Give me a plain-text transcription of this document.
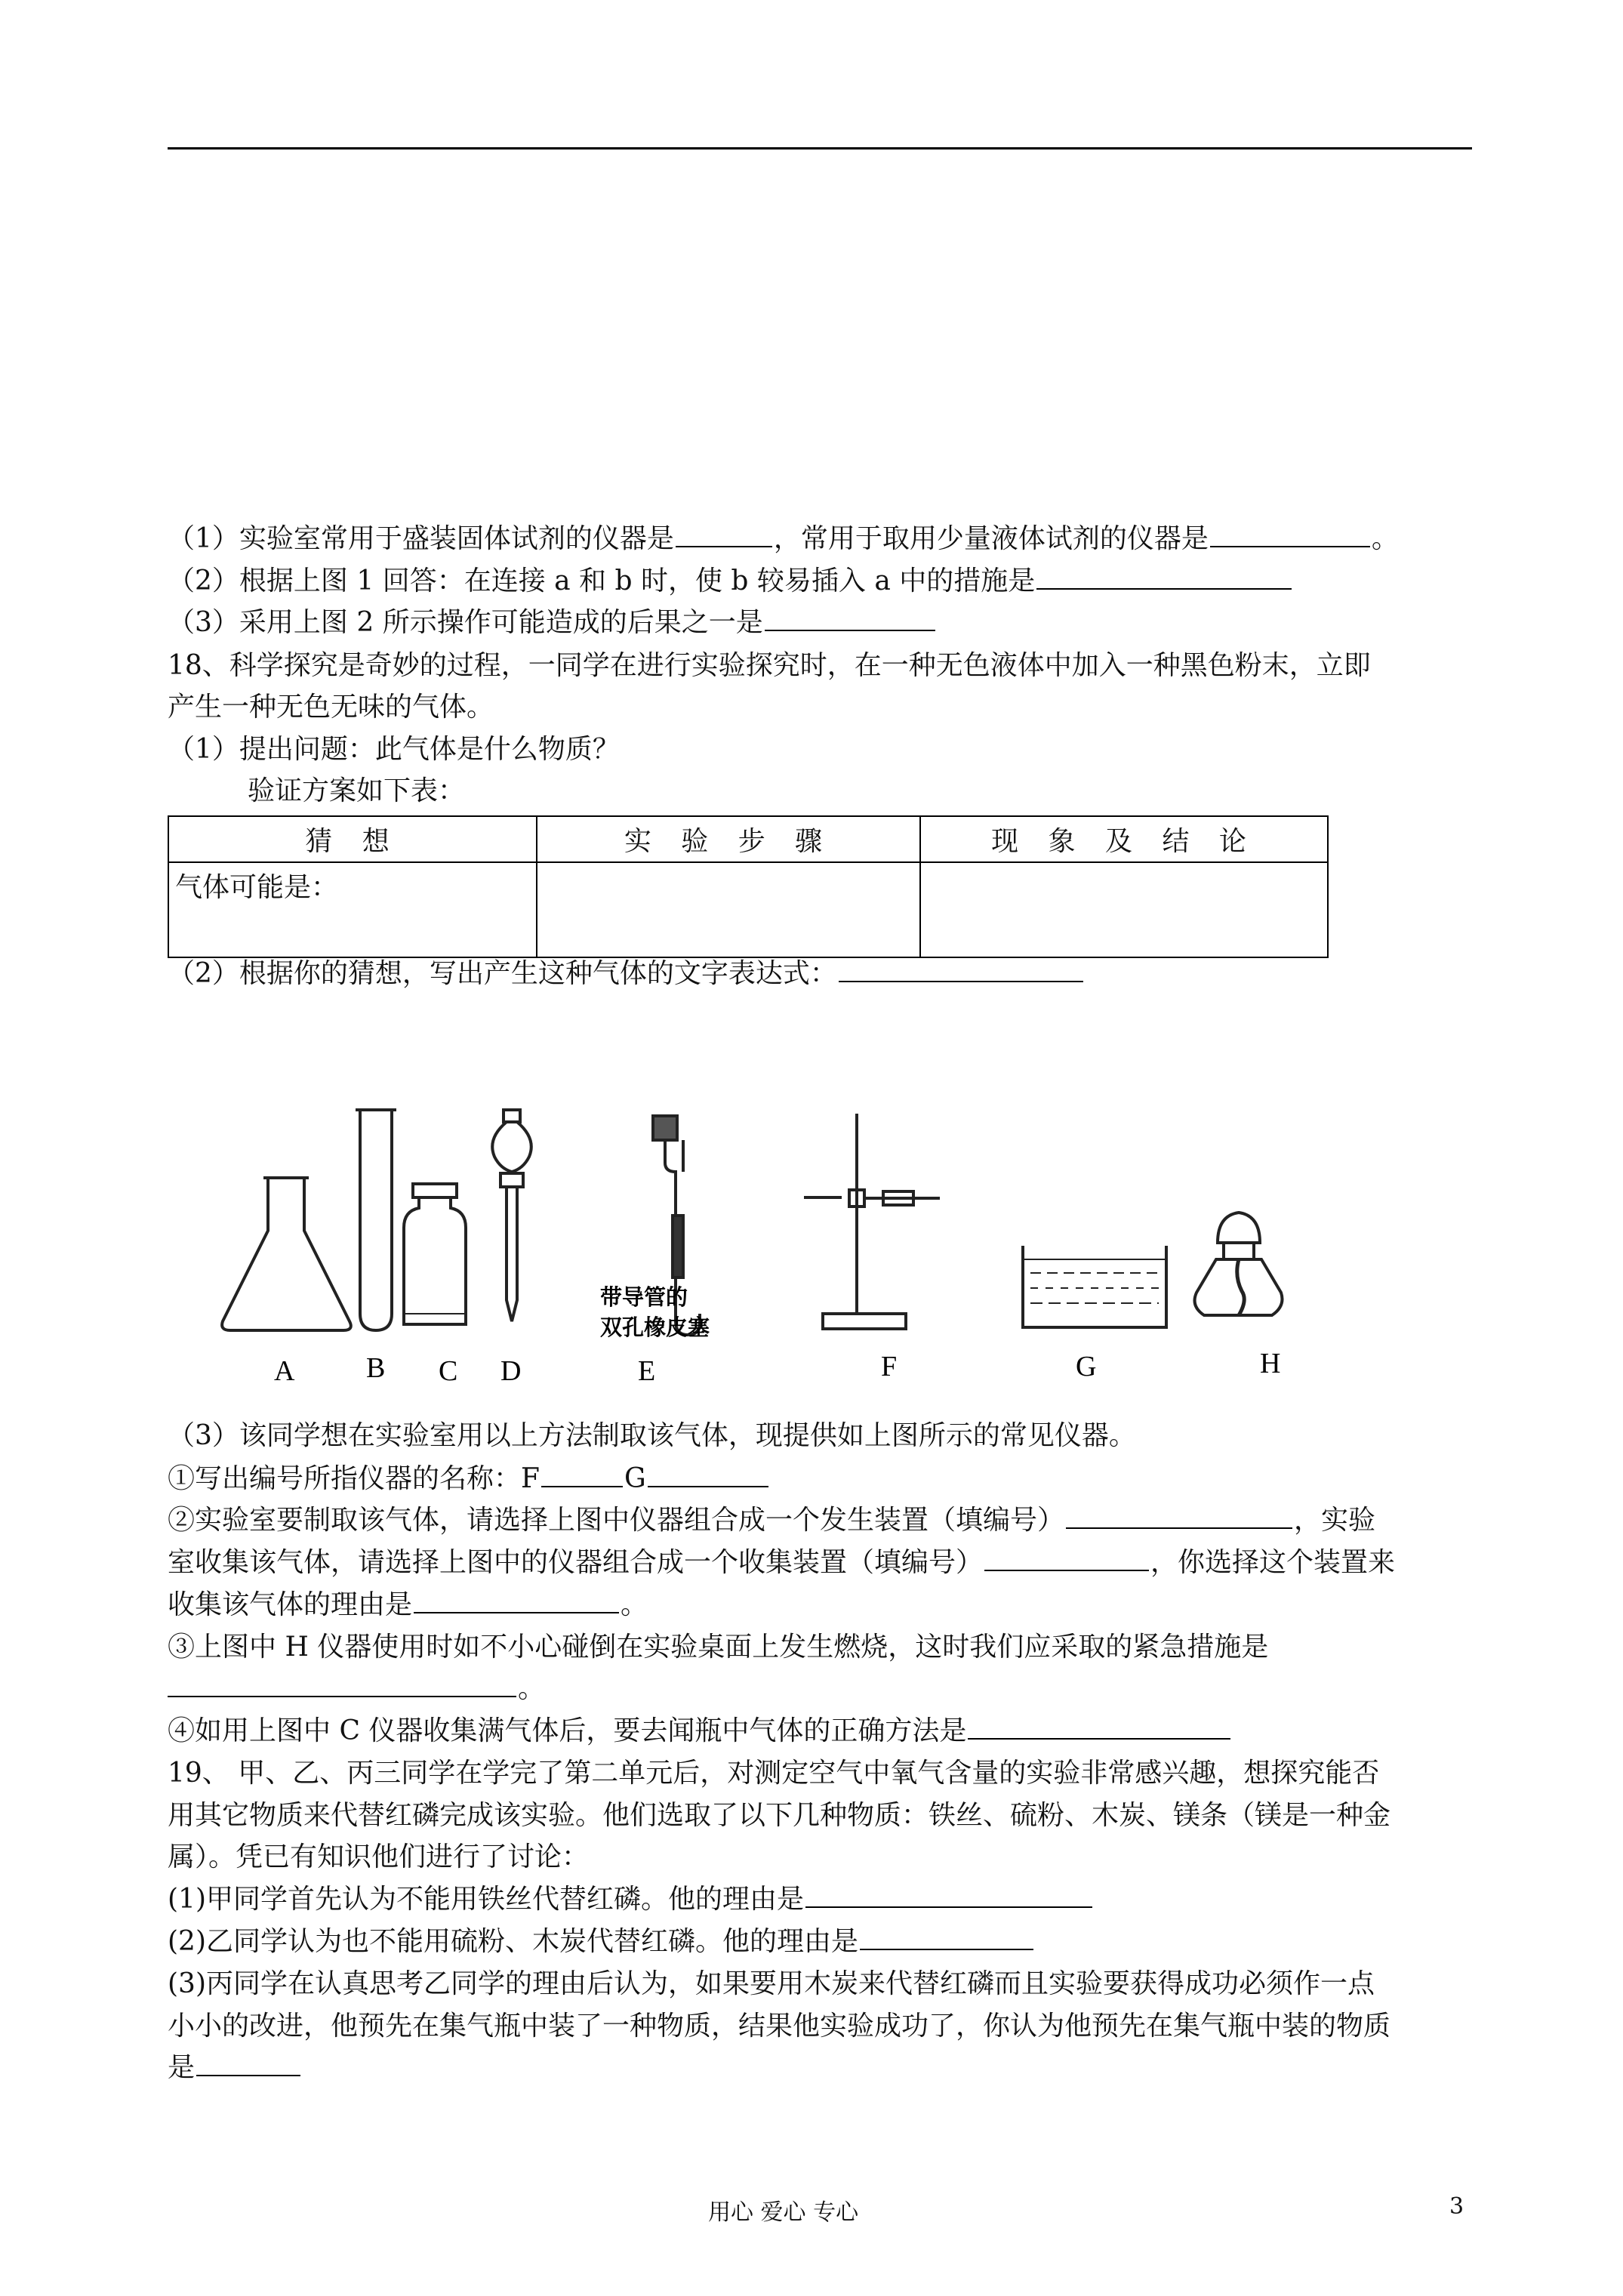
（1）实验室常用于盛装固体试剂的仪器是	，常用于取用少量液体试剂的仪器是	。
（2）根据上图 1 回答：在连接 a 和 b 时，使 b 较易插入 a 中的措施是
（3）采用上图 2 所示操作可能造成的后果之一是
18、科学探究是奇妙的过程，一同学在进行实验探究时，在一种无色液体中加入一种黑色粉末，立即
产生一种无色无味的气体。
（1）提出问题：此气体是什么物质？
验证方案如下表：
猜 想	实 验 步 骤	现 象 及 结 论
气体可能是：		
（2）根据你的猜想，写出产生这种气体的文字表达式：
A B C D	E	F	G	H
带导管的
双孔橡皮塞
（3）该同学想在实验室用以上方法制取该气体，现提供如上图所示的常见仪器。
①写出编号所指仪器的名称：F	G
②实验室要制取该气体，请选择上图中仪器组合成一个发生装置（填编号）	，实验
室收集该气体，请选择上图中的仪器组合成一个收集装置（填编号）	，你选择这个装置来
收集该气体的理由是	。
③上图中 H 仪器使用时如不小心碰倒在实验桌面上发生燃烧，这时我们应采取的紧急措施是
。
④如用上图中 C 仪器收集满气体后，要去闻瓶中气体的正确方法是
19、 甲、乙、丙三同学在学完了第二单元后，对测定空气中氧气含量的实验非常感兴趣，想探究能否
用其它物质来代替红磷完成该实验。他们选取了以下几种物质：铁丝、硫粉、木炭、镁条（镁是一种金
属）。凭已有知识他们进行了讨论：
(1)甲同学首先认为不能用铁丝代替红磷。他的理由是
(2)乙同学认为也不能用硫粉、木炭代替红磷。他的理由是
(3)丙同学在认真思考乙同学的理由后认为，如果要用木炭来代替红磷而且实验要获得成功必须作一点
小小的改进，他预先在集气瓶中装了一种物质，结果他实验成功了，你认为他预先在集气瓶中装的物质
是
用心 爱心 专心	3
